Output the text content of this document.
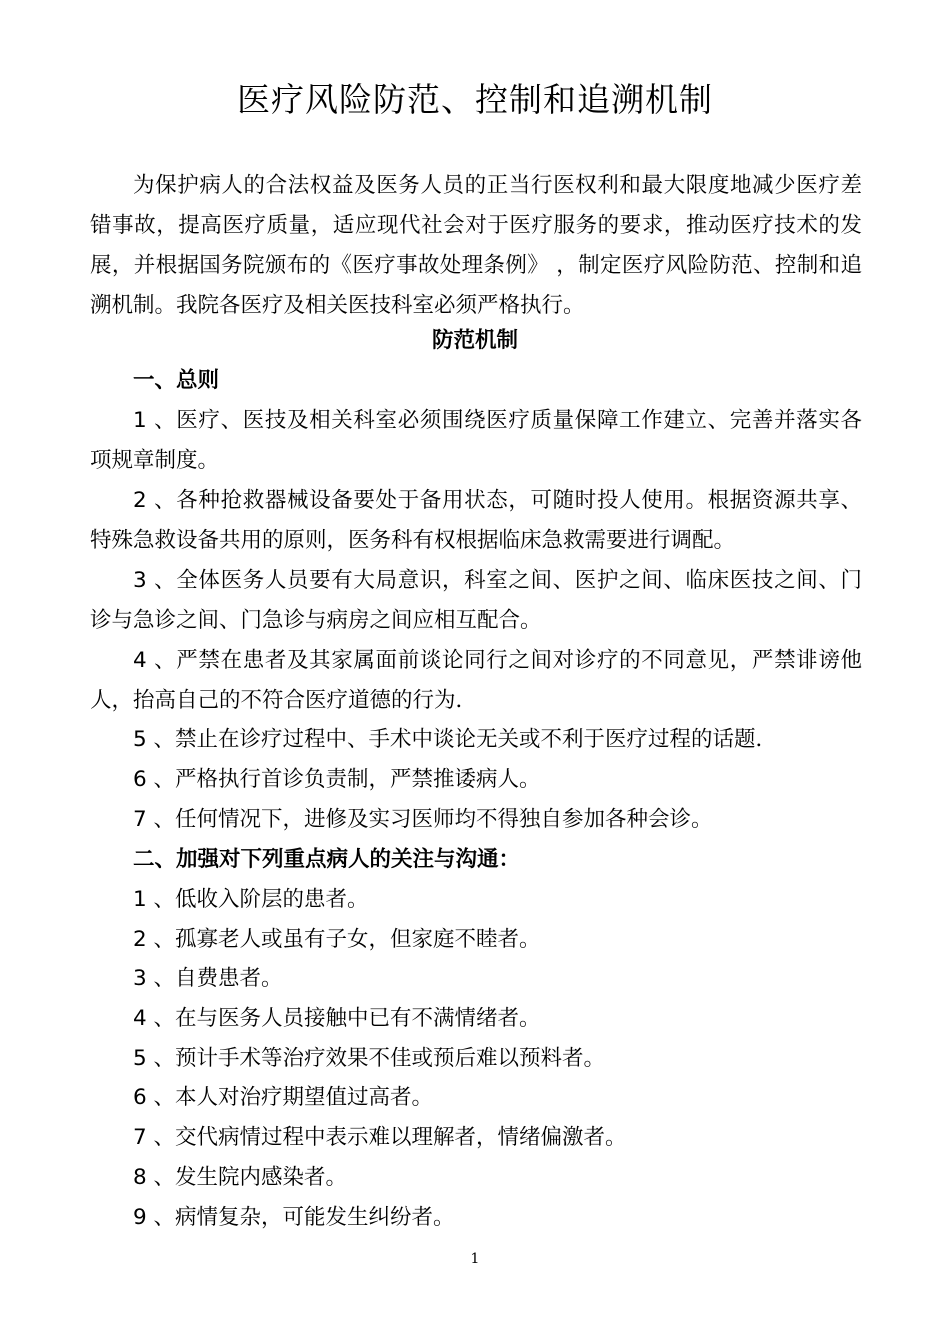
医疗风险防范、控制和追溯机制
为保护病人的合法权益及医务人员的正当行医权利和最大限度地减少医疗差错事故，提高医疗质量，适应现代社会对于医疗服务的要求，推动医疗技术的发展，并根据国务院颁布的《医疗事故处理条例》 ，制定医疗风险防范、控制和追溯机制。我院各医疗及相关医技科室必须严格执行。
防范机制
一、总则
1 、医疗、医技及相关科室必须围绕医疗质量保障工作建立、完善并落实各项规章制度。
2 、各种抢救器械设备要处于备用状态，可随时投人使用。根据资源共享、特殊急救设备共用的原则，医务科有权根据临床急救需要进行调配。
3 、全体医务人员要有大局意识，科室之间、医护之间、临床医技之间、门诊与急诊之间、门急诊与病房之间应相互配合。
4 、严禁在患者及其家属面前谈论同行之间对诊疗的不同意见，严禁诽谤他人，抬高自己的不符合医疗道德的行为．
5 、禁止在诊疗过程中、手术中谈论无关或不利于医疗过程的话题．
6 、严格执行首诊负责制，严禁推诿病人。
7 、任何情况下，进修及实习医师均不得独自参加各种会诊。
二、加强对下列重点病人的关注与沟通：
1 、低收入阶层的患者。
2 、孤寡老人或虽有子女，但家庭不睦者。
3 、自费患者。
4 、在与医务人员接触中已有不满情绪者。
5 、预计手术等治疗效果不佳或预后难以预料者。
6 、本人对治疗期望值过高者。
7 、交代病情过程中表示难以理解者，情绪偏激者。
8 、发生院内感染者。
9 、病情复杂，可能发生纠纷者。
1
